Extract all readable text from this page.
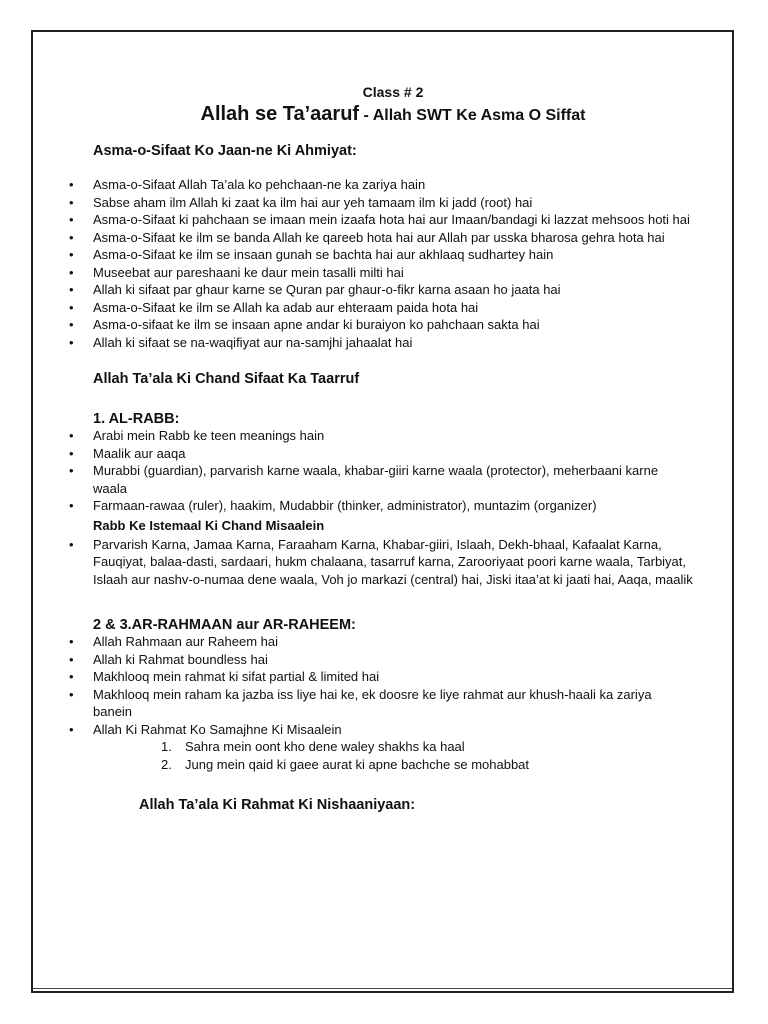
Class # 2
Allah se Ta’aaruf - Allah SWT Ke Asma O Siffat
Asma-o-Sifaat Ko Jaan-ne Ki Ahmiyat:
• Asma-o-Sifaat Allah Ta’ala ko pehchaan-ne ka zariya hain
• Sabse aham ilm Allah ki zaat ka ilm hai aur yeh tamaam ilm ki jadd (root) hai
• Asma-o-Sifaat ki pahchaan se imaan mein izaafa hota hai aur Imaan/bandagi ki lazzat mehsoos hoti hai
• Asma-o-Sifaat ke ilm se banda Allah ke qareeb hota hai aur Allah par usska bharosa gehra hota hai
• Asma-o-Sifaat ke ilm se insaan gunah se bachta hai aur akhlaaq sudhartey hain
• Museebat aur pareshaani ke daur mein tasalli milti hai
• Allah ki sifaat par ghaur karne se Quran par ghaur-o-fikr karna asaan ho jaata hai
• Asma-o-Sifaat ke ilm se Allah ka adab aur ehteraam paida hota hai
• Asma-o-sifaat ke ilm se insaan apne andar ki buraiyon ko pahchaan sakta hai
• Allah ki sifaat se na-waqifiyat aur na-samjhi jahaalat hai
Allah Ta’ala Ki Chand Sifaat Ka Taarruf
1. AL-RABB:
• Arabi mein Rabb ke teen meanings hain
• Maalik aur aaqa
• Murabbi (guardian), parvarish karne waala, khabar-giiri karne waala (protector), meherbaani karne waala
• Farmaan-rawaa (ruler), haakim, Mudabbir (thinker, administrator), muntazim (organizer)
Rabb Ke Istemaal Ki Chand Misaalein
• Parvarish Karna, Jamaa Karna, Faraaham Karna, Khabar-giiri, Islaah, Dekh-bhaal, Kafaalat Karna, Fauqiyat, balaa-dasti, sardaari, hukm chalaana, tasarruf karna, Zarooriyaat poori karne waala, Tarbiyat, Islaah aur nashv-o-numaa dene waala, Voh jo markazi (central) hai, Jiski itaa’at ki jaati hai, Aaqa, maalik
2 & 3.AR-RAHMAAN aur AR-RAHEEM:
• Allah Rahmaan aur Raheem hai
• Allah ki Rahmat boundless hai
• Makhlooq mein rahmat ki sifat partial & limited hai
• Makhlooq mein raham ka jazba iss liye hai ke, ek doosre ke liye rahmat aur khush-haali ka zariya banein
• Allah Ki Rahmat Ko Samajhne Ki Misaalein
1. Sahra mein oont kho dene waley shakhs ka haal
2. Jung mein qaid ki gaee aurat ki apne bachche se mohabbat
Allah Ta’ala Ki Rahmat Ki Nishaaniyaan:
